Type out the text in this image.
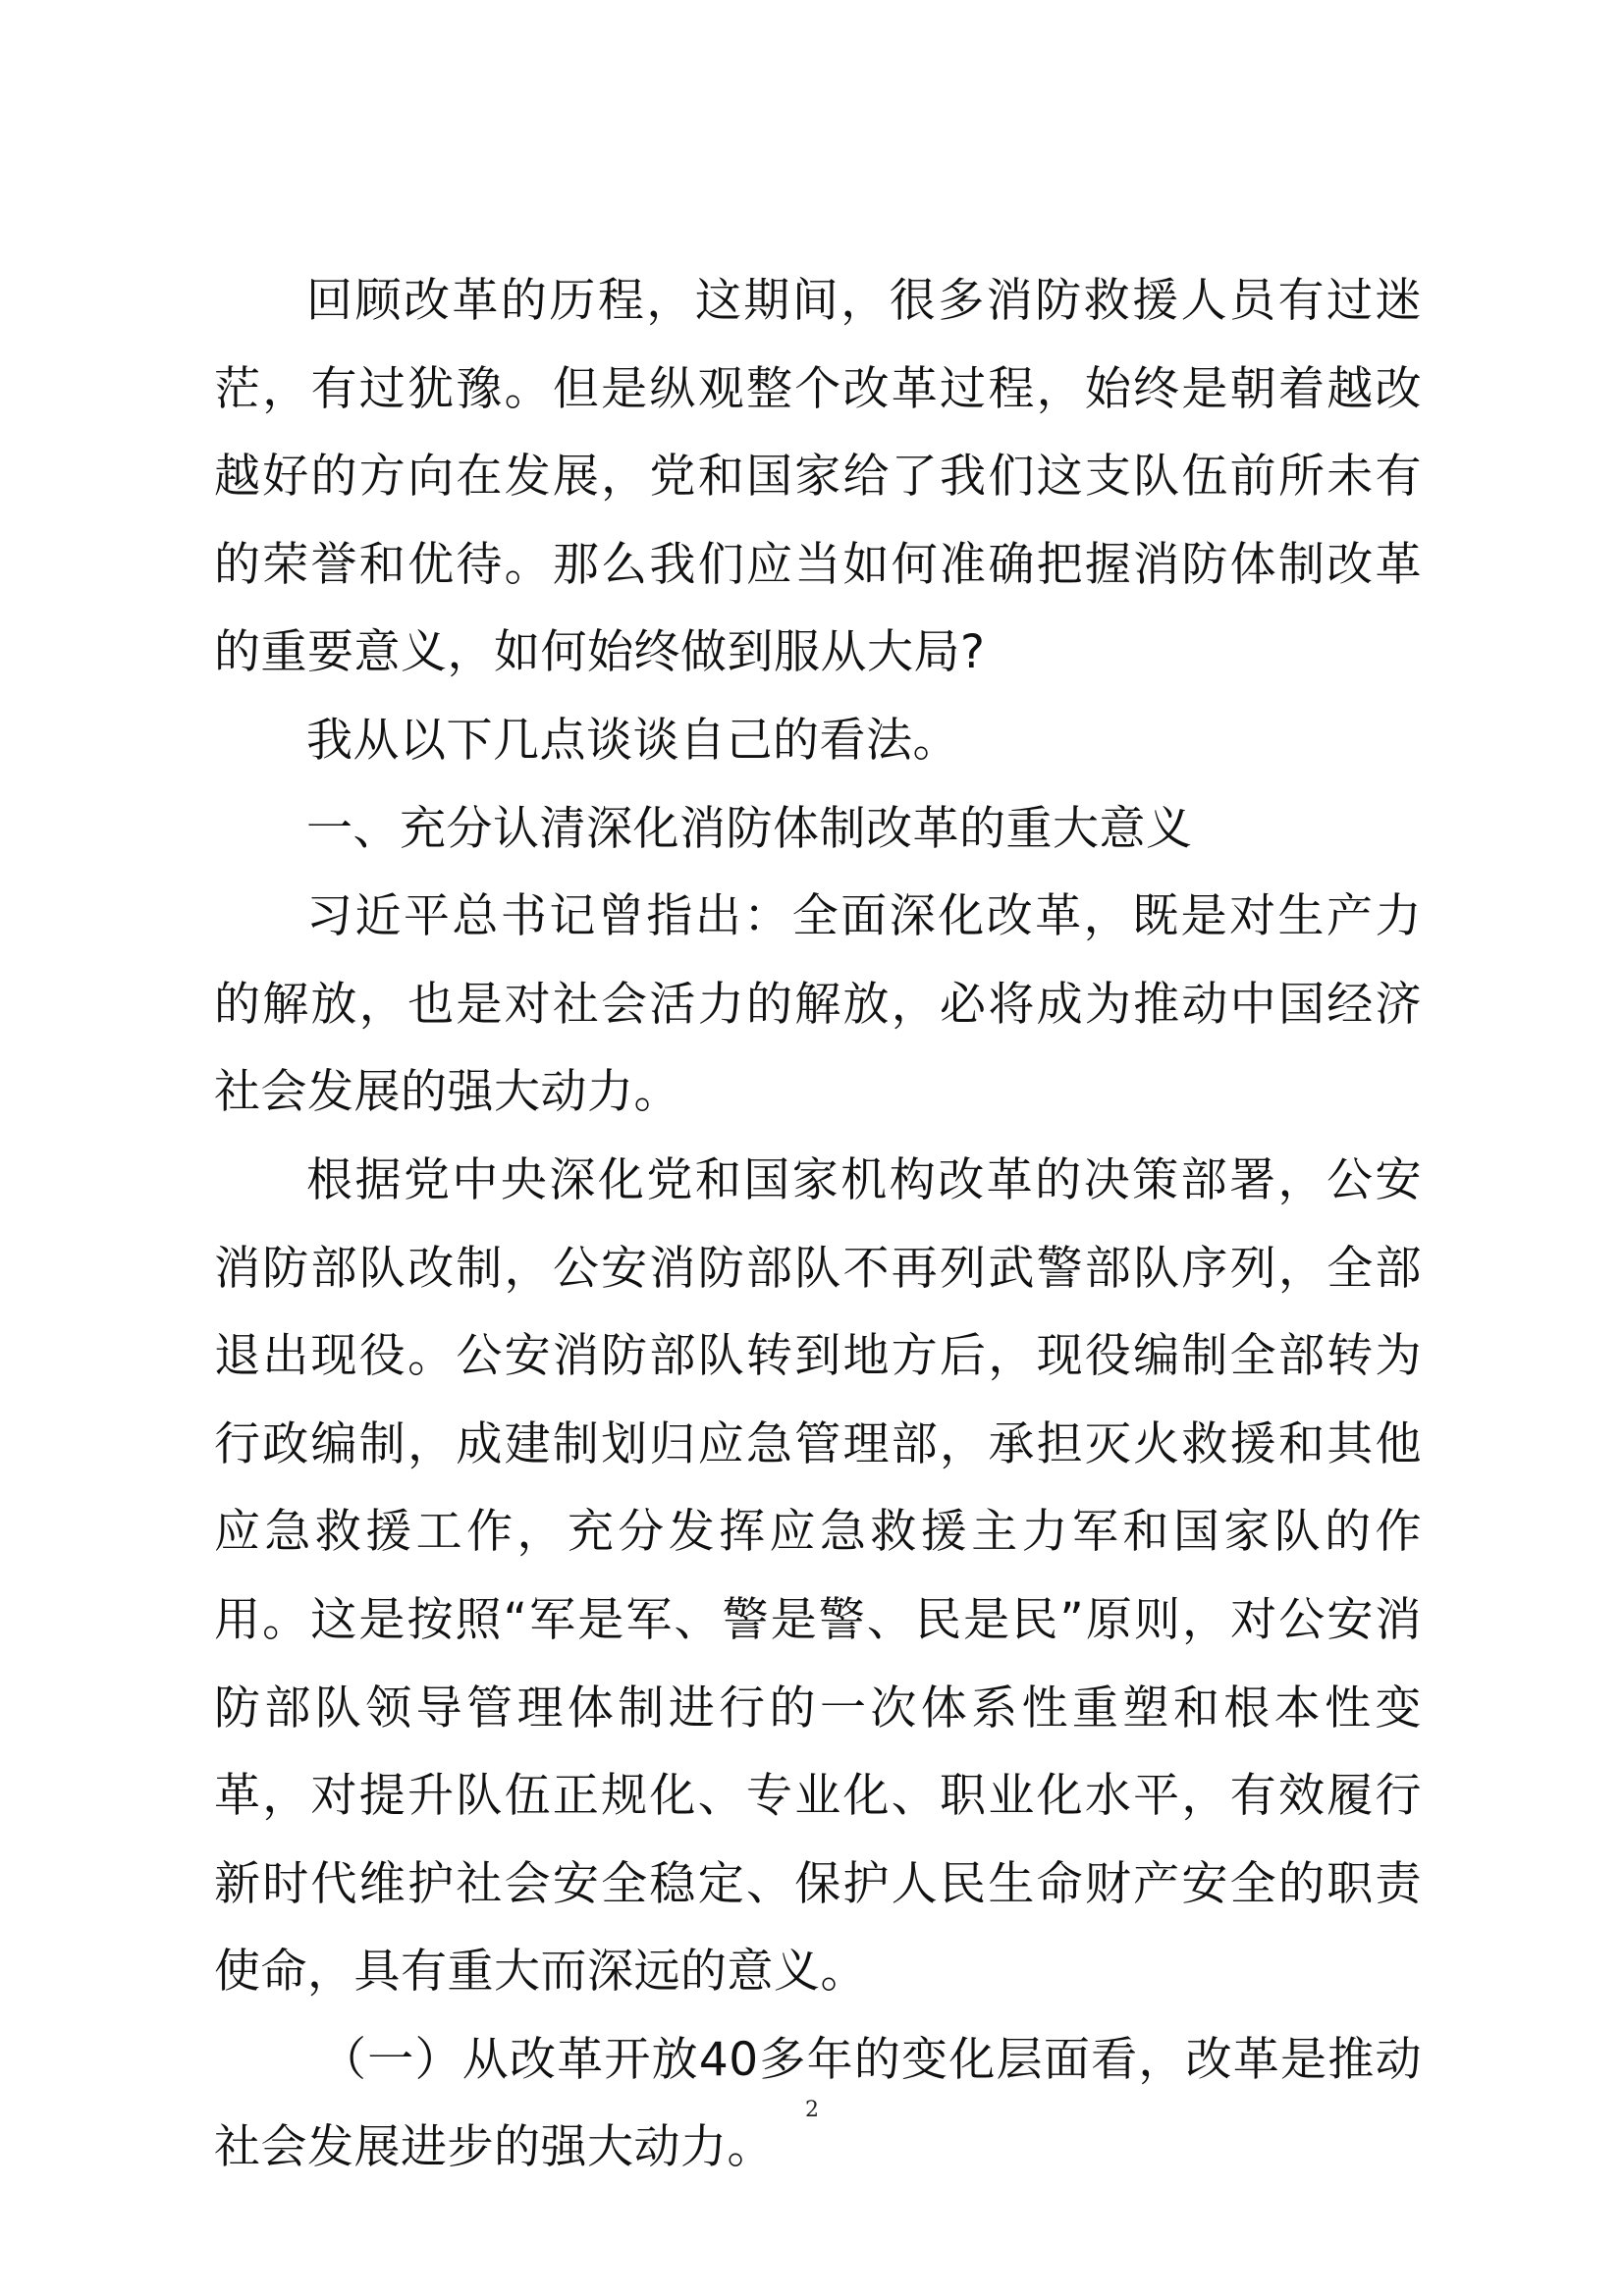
回顾改革的历程，这期间，很多消防救援人员有过迷茫，有过犹豫。但是纵观整个改革过程，始终是朝着越改越好的方向在发展，党和国家给了我们这支队伍前所未有的荣誉和优待。那么我们应当如何准确把握消防体制改革的重要意义，如何始终做到服从大局?

我从以下几点谈谈自己的看法。

一、充分认清深化消防体制改革的重大意义

习近平总书记曾指出：全面深化改革，既是对生产力的解放，也是对社会活力的解放，必将成为推动中国经济社会发展的强大动力。

根据党中央深化党和国家机构改革的决策部署，公安消防部队改制，公安消防部队不再列武警部队序列，全部退出现役。公安消防部队转到地方后，现役编制全部转为行政编制，成建制划归应急管理部，承担灭火救援和其他应急救援工作，充分发挥应急救援主力军和国家队的作用。这是按照“军是军、警是警、民是民”原则，对公安消防部队领导管理体制进行的一次体系性重塑和根本性变革，对提升队伍正规化、专业化、职业化水平，有效履行新时代维护社会安全稳定、保护人民生命财产安全的职责使命，具有重大而深远的意义。

（一）从改革开放40多年的变化层面看，改革是推动社会发展进步的强大动力。

2
